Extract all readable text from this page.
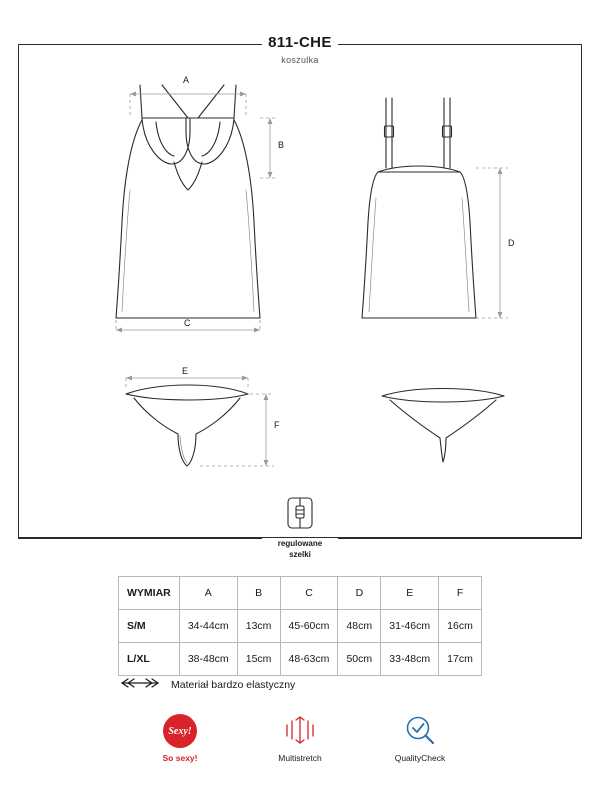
811-CHE
koszulka
A
B
C
D
E
F
regulowane
szelki
WYMIAR	A	B	C	D	E	F
S/M	34-44cm	13cm	45-60cm	48cm	31-46cm	16cm
L/XL	38-48cm	15cm	48-63cm	50cm	33-48cm	17cm
Materiał bardzo elastyczny
Sexy!
So sexy!	Multistretch	QualityCheck
